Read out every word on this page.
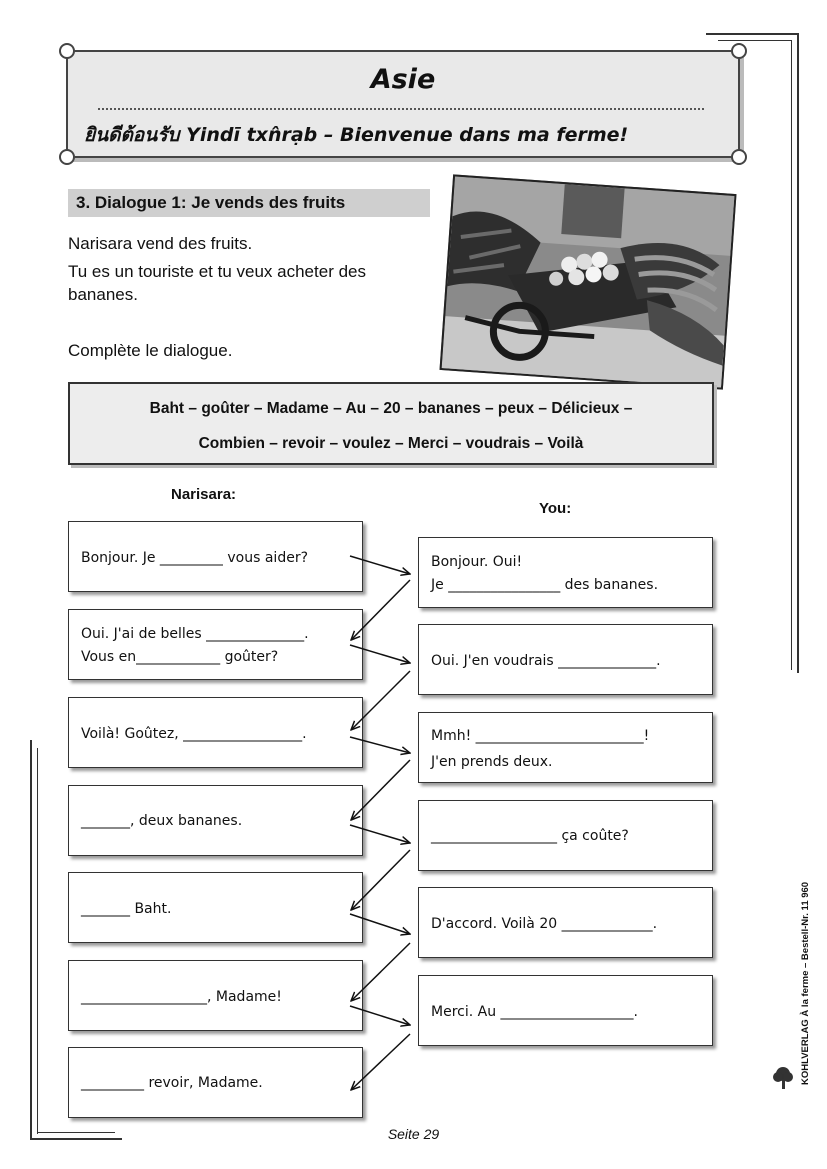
Asie
ยินดีต้อนรับ Yindī txn̂rạb – Bienvenue dans ma ferme!
3. Dialogue 1: Je vends des fruits
Narisara vend des fruits.
Tu es un touriste et tu veux acheter des
bananes.
Complète le dialogue.
Baht – goûter – Madame – Au – 20 – bananes – peux – Délicieux –
Combien – revoir – voulez – Merci – voudrais – Voilà
Narisara:
You:
Bonjour. Je _________ vous aider?
Oui. J'ai de belles ______________.
Vous en____________ goûter?
Voilà! Goûtez, _________________.
_______, deux bananes.
_______ Baht.
__________________, Madame!
_________ revoir, Madame.
Bonjour. Oui!
Je ________________ des bananes.
Oui. J'en voudrais ______________.
Mmh! ________________________!
J'en prends deux.
__________________ ça coûte?
D'accord. Voilà 20 _____________.
Merci. Au ___________________.	KOHLVERLAG À la ferme – Bestell-Nr. 11 960
Seite 29
